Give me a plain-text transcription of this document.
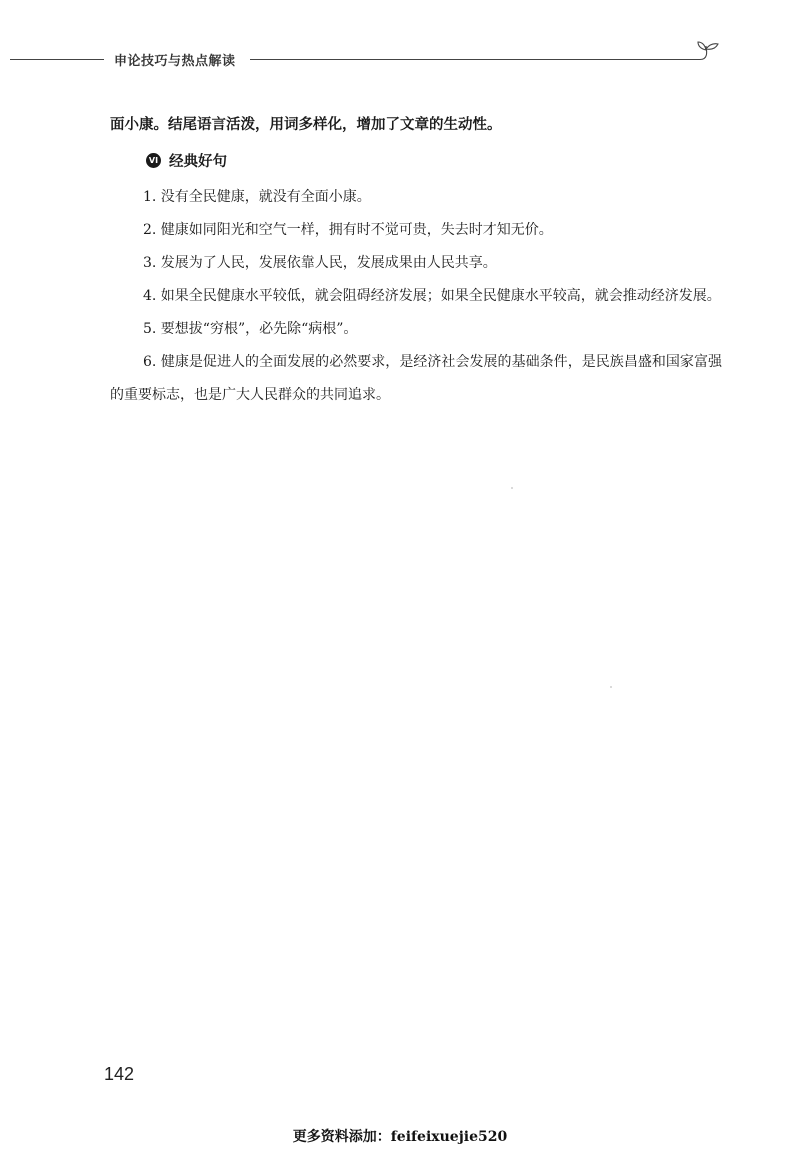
申论技巧与热点解读

面小康。结尾语言活泼，用词多样化，增加了文章的生动性。

VI 经典好句

1. 没有全民健康，就没有全面小康。

2. 健康如同阳光和空气一样，拥有时不觉可贵，失去时才知无价。

3. 发展为了人民，发展依靠人民，发展成果由人民共享。

4. 如果全民健康水平较低，就会阻碍经济发展；如果全民健康水平较高，就会推动经济发展。

5. 要想拔“穷根”，必先除“病根”。

6. 健康是促进人的全面发展的必然要求，是经济社会发展的基础条件，是民族昌盛和国家富强的重要标志，也是广大人民群众的共同追求。

142
更多资料添加：feifeixuejie520
